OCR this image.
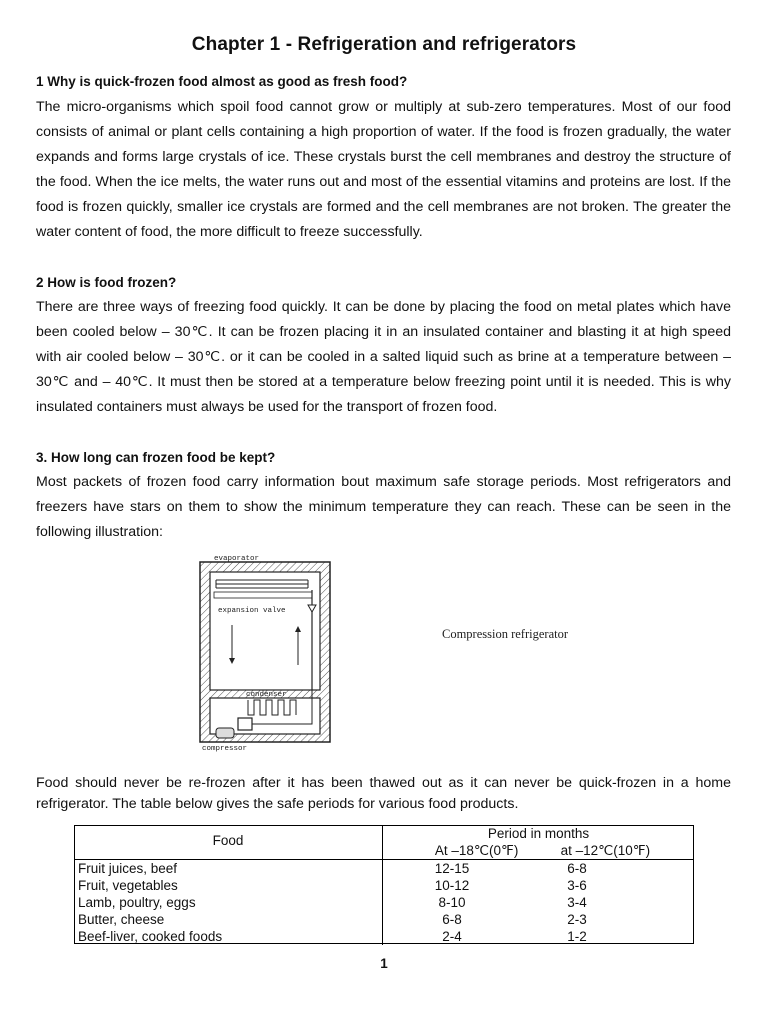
Chapter 1 - Refrigeration and refrigerators
1 Why is quick-frozen food almost as good as fresh food?

The micro-organisms which spoil food cannot grow or multiply at sub-zero temperatures. Most of our food consists of animal or plant cells containing a high proportion of water. If the food is frozen gradually, the water expands and forms large crystals of ice. These crystals burst the cell membranes and destroy the structure of the food. When the ice melts, the water runs out and most of the essential vitamins and proteins are lost. If the food is frozen quickly, smaller ice crystals are formed and the cell membranes are not broken. The greater the water content of food, the more difficult to freeze successfully.

2 How is food frozen?

There are three ways of freezing food quickly. It can be done by placing the food on metal plates which have been cooled below – 30℃. It can be frozen placing it in an insulated container and blasting it at high speed with air cooled below – 30℃. or it can be cooled in a salted liquid such as brine at a temperature between – 30℃ and – 40℃. It must then be stored at a temperature below freezing point until it is needed. This is why insulated containers must always be used for the transport of frozen food.

3. How long can frozen food be kept?

Most packets of frozen food carry information bout maximum safe storage periods. Most refrigerators and freezers have stars on them to show the minimum temperature they can reach. These can be seen in the following illustration:

evaporator
expansion valve
condenser
compressor
Compression refrigerator

Food should never be re-frozen after it has been thawed out as it can never be quick-frozen in a home refrigerator. The table below gives the safe periods for various food products.

Food	Period in months
At –18℃(0℉) at –12℃(10℉)

Fruit juices, beef	12-15 6-8
Fruit, vegetables	10-12 3-6
Lamb, poultry, eggs	8-10 3-4
Butter, cheese	6-8 2-3
Beef-liver, cooked foods	2-4 1-2
1
